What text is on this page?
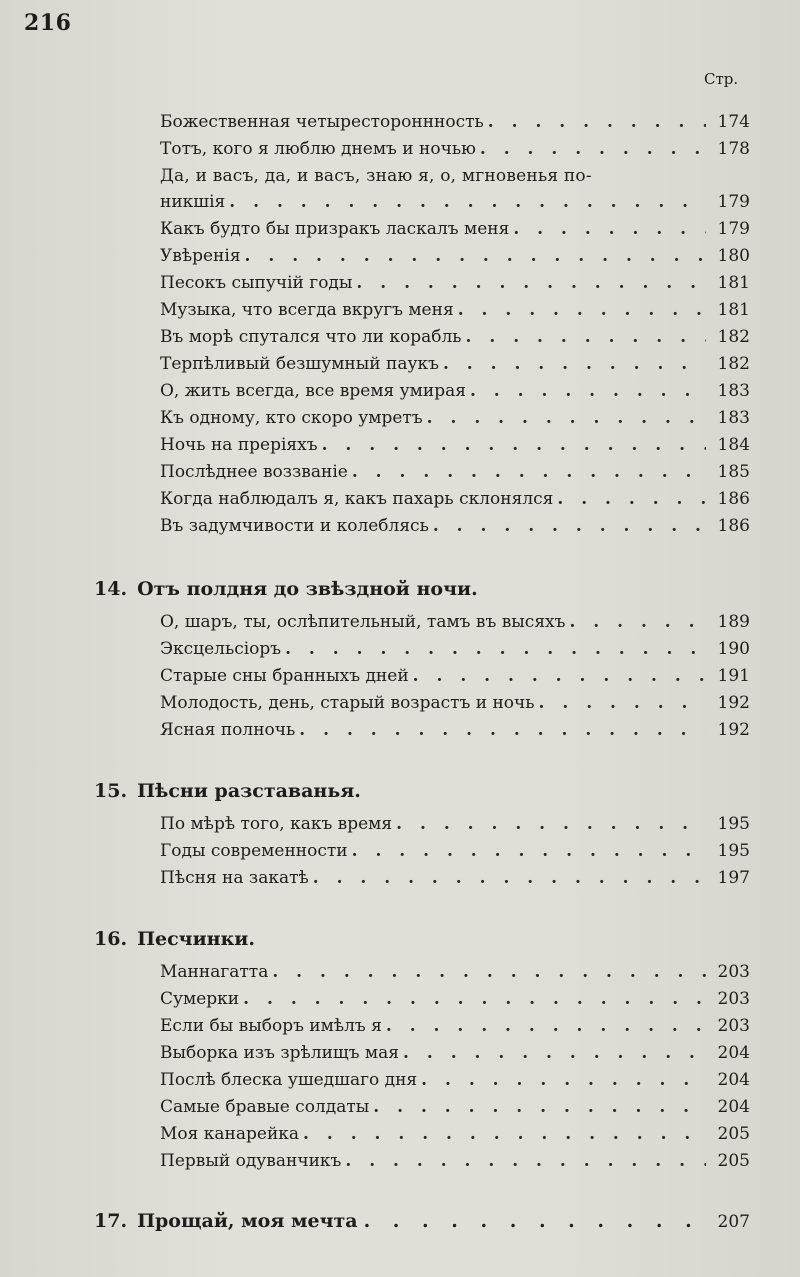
216
Стр.
Божественная четырестороннность . . .	174
Тотъ, кого я люблю днемъ и ночью . . .	178
Да, и васъ, да, и васъ, знаю я, о, мгновенья по-
никшія . . .	179
Какъ будто бы призракъ ласкалъ меня . . .	179
Увѣренія . . .	180
Песокъ сыпучій годы . . .	181
Музыка, что всегда вкругъ меня . . .	181
Въ морѣ спутался что ли корабль . . .	182
Терпѣливый безшумный паукъ . . .	182
О, жить всегда, все время умирая . . .	183
Къ одному, кто скоро умретъ . . .	183
Ночь на преріяхъ . . .	184
Послѣднее воззваніе . . .	185
Когда наблюдалъ я, какъ пахарь склонялся . . .	186
Въ задумчивости и колеблясь . . .	186
14. Отъ полдня до звѣздной ночи.
О, шаръ, ты, ослѣпительный, тамъ въ высяхъ . . .	189
Эксцельсіоръ . . .	190
Старые сны бранныхъ дней . . .	191
Молодость, день, старый возрастъ и ночь . . .	192
Ясная полночь . . .	192
15. Пѣсни разставанья.
По мѣрѣ того, какъ время . . .	195
Годы современности . . .	195
Пѣсня на закатѣ . . .	197
16. Песчинки.
Маннагатта . . .	203
Сумерки . . .	203
Если бы выборъ имѣлъ я . . .	203
Выборка изъ зрѣлищъ мая . . .	204
Послѣ блеска ушедшаго дня . . .	204
Самые бравые солдаты . . .	204
Моя канарейка . . .	205
Первый одуванчикъ . . .	205
17. Прощай, моя мечта . . .	207
